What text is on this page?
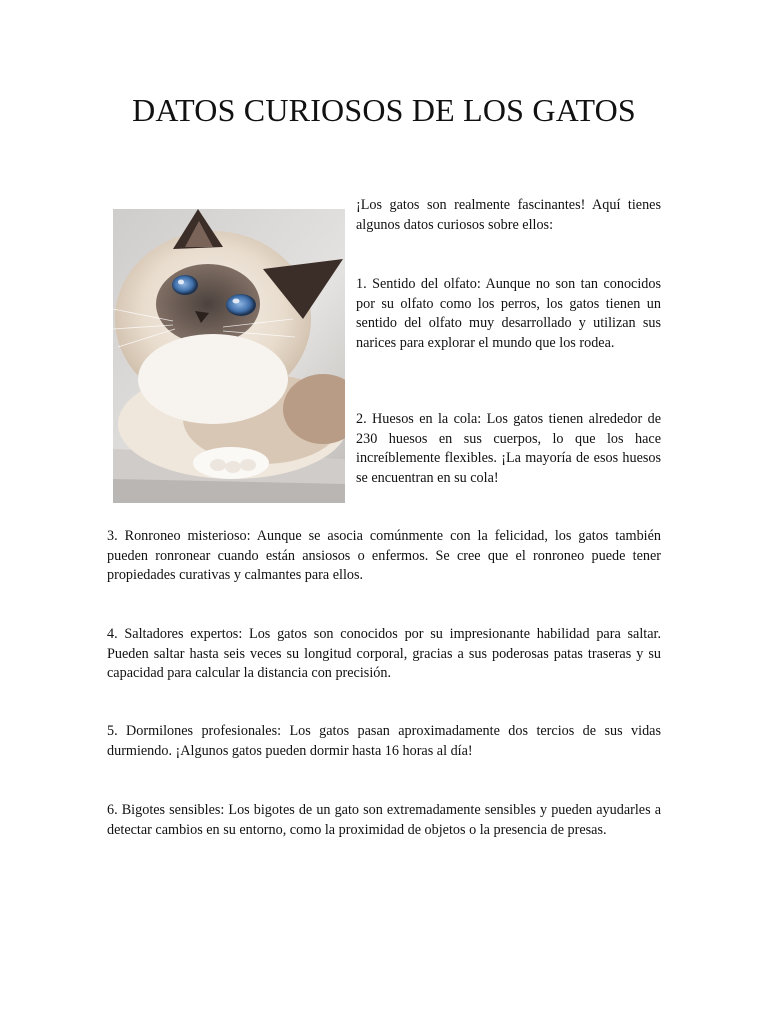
DATOS CURIOSOS DE LOS GATOS

¡Los gatos son realmente fascinantes! Aquí tienes algunos datos curiosos sobre ellos:

1. Sentido del olfato: Aunque no son tan conocidos por su olfato como los perros, los gatos tienen un sentido del olfato muy desarrollado y utilizan sus narices para explorar el mundo que los rodea.

2. Huesos en la cola: Los gatos tienen alrededor de 230 huesos en sus cuerpos, lo que los hace increíblemente flexibles. ¡La mayoría de esos huesos se encuentran en su cola!

3. Ronroneo misterioso: Aunque se asocia comúnmente con la felicidad, los gatos también pueden ronronear cuando están ansiosos o enfermos. Se cree que el ronroneo puede tener propiedades curativas y calmantes para ellos.

4. Saltadores expertos: Los gatos son conocidos por su impresionante habilidad para saltar. Pueden saltar hasta seis veces su longitud corporal, gracias a sus poderosas patas traseras y su capacidad para calcular la distancia con precisión.

5. Dormilones profesionales: Los gatos pasan aproximadamente dos tercios de sus vidas durmiendo. ¡Algunos gatos pueden dormir hasta 16 horas al día!

6. Bigotes sensibles: Los bigotes de un gato son extremadamente sensibles y pueden ayudarles a detectar cambios en su entorno, como la proximidad de objetos o la presencia de presas.
